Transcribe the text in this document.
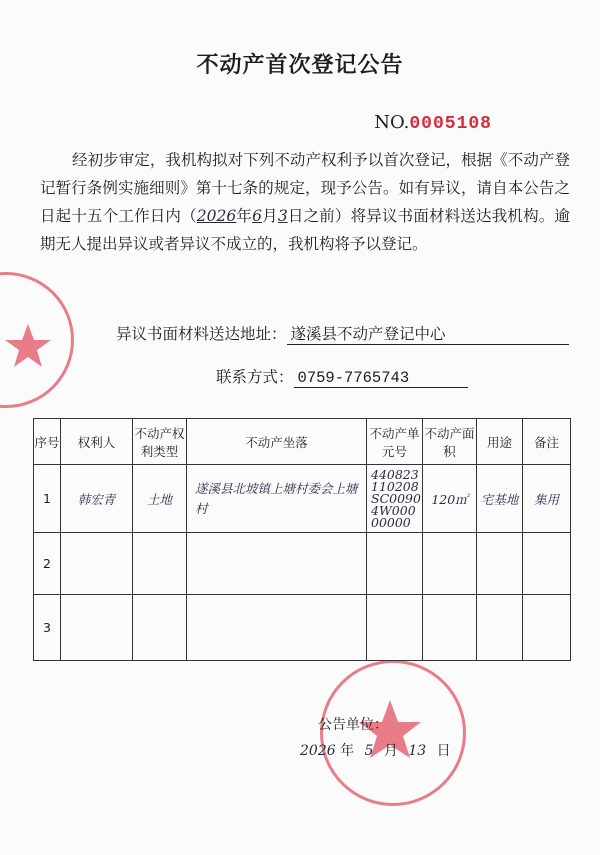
不动产首次登记公告
NO.0005108
经初步审定，我机构拟对下列不动产权利予以首次登记，根据《不动产登记暂行条例实施细则》第十七条的规定，现予公告。如有异议，请自本公告之日起十五个工作日内（2026年6月3日之前）将异议书面材料送达我机构。逾期无人提出异议或者异议不成立的，我机构将予以登记。
异议书面材料送达地址： 遂溪县不动产登记中心
联系方式： 0759-7765743
序号	权利人	不动产权利类型	不动产坐落	不动产单元号	不动产面积	用途	备注
1	韩宏青	土地	遂溪县北坡镇上塘村委会上塘村	440823110208SC00904W00000000	120㎡	宅基地	集用
2							
3							
公告单位：
2026 年 5 月 13 日
